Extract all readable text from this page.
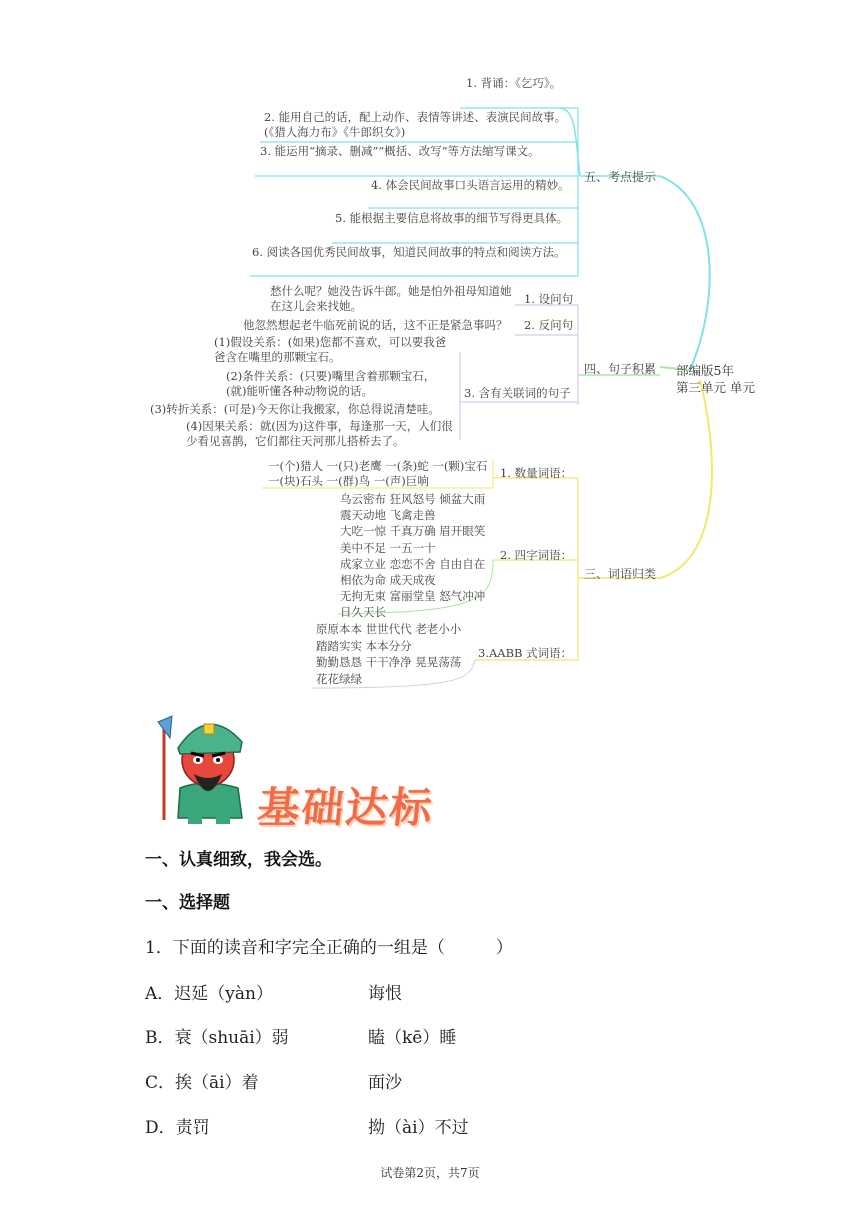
部编版5年
第三单元 单元
五、考点提示
四、句子积累
三、词语归类
1. 背诵：《乞巧》。
2. 能用自己的话，配上动作、表情等讲述、表演民间故事。(《猎人海力布》《牛郎织女》)
3. 能运用“摘录、删减”“概括、改写”等方法缩写课文。
4. 体会民间故事口头语言运用的精妙。
5. 能根据主要信息将故事的细节写得更具体。
6. 阅读各国优秀民间故事，知道民间故事的特点和阅读方法。
1. 设问句
2. 反问句
3. 含有关联词的句子
愁什么呢？她没告诉牛郎。她是怕外祖母知道她在这儿会来找她。
他忽然想起老牛临死前说的话，这不正是紧急事吗？
(1)假设关系：(如果)您都不喜欢，可以要我爸爸含在嘴里的那颗宝石。
(2)条件关系：(只要)嘴里含着那颗宝石，(就)能听懂各种动物说的话。
(3)转折关系：(可是)今天你让我搬家，你总得说清楚哇。
(4)因果关系：就(因为)这件事，每逢那一天，人们很少看见喜鹊，它们都往天河那儿搭桥去了。
1. 数量词语：
2. 四字词语：
3.AABB 式词语：
一(个)猎人 一(只)老鹰 一(条)蛇 一(颗)宝石
一(块)石头 一(群)鸟 一(声)巨响
乌云密布 狂风怒号 倾盆大雨
震天动地 飞禽走兽
大吃一惊 千真万确 眉开眼笑
美中不足 一五一十
成家立业 恋恋不舍 自由自在
相依为命 成天成夜
无拘无束 富丽堂皇 怒气冲冲
日久天长
原原本本 世世代代 老老小小
踏踏实实 本本分分
勤勤恳恳 干干净净 晃晃荡荡
花花绿绿
基础达标
一、认真细致，我会选。
一、选择题
1．下面的读音和字完全正确的一组是（　　　）
A．迟延（yàn）	诲恨
B．衰（shuāi）弱	瞌（kē）睡
C．挨（āi）着	面沙
D．责罚	拗（ài）不过
试卷第2页，共7页
